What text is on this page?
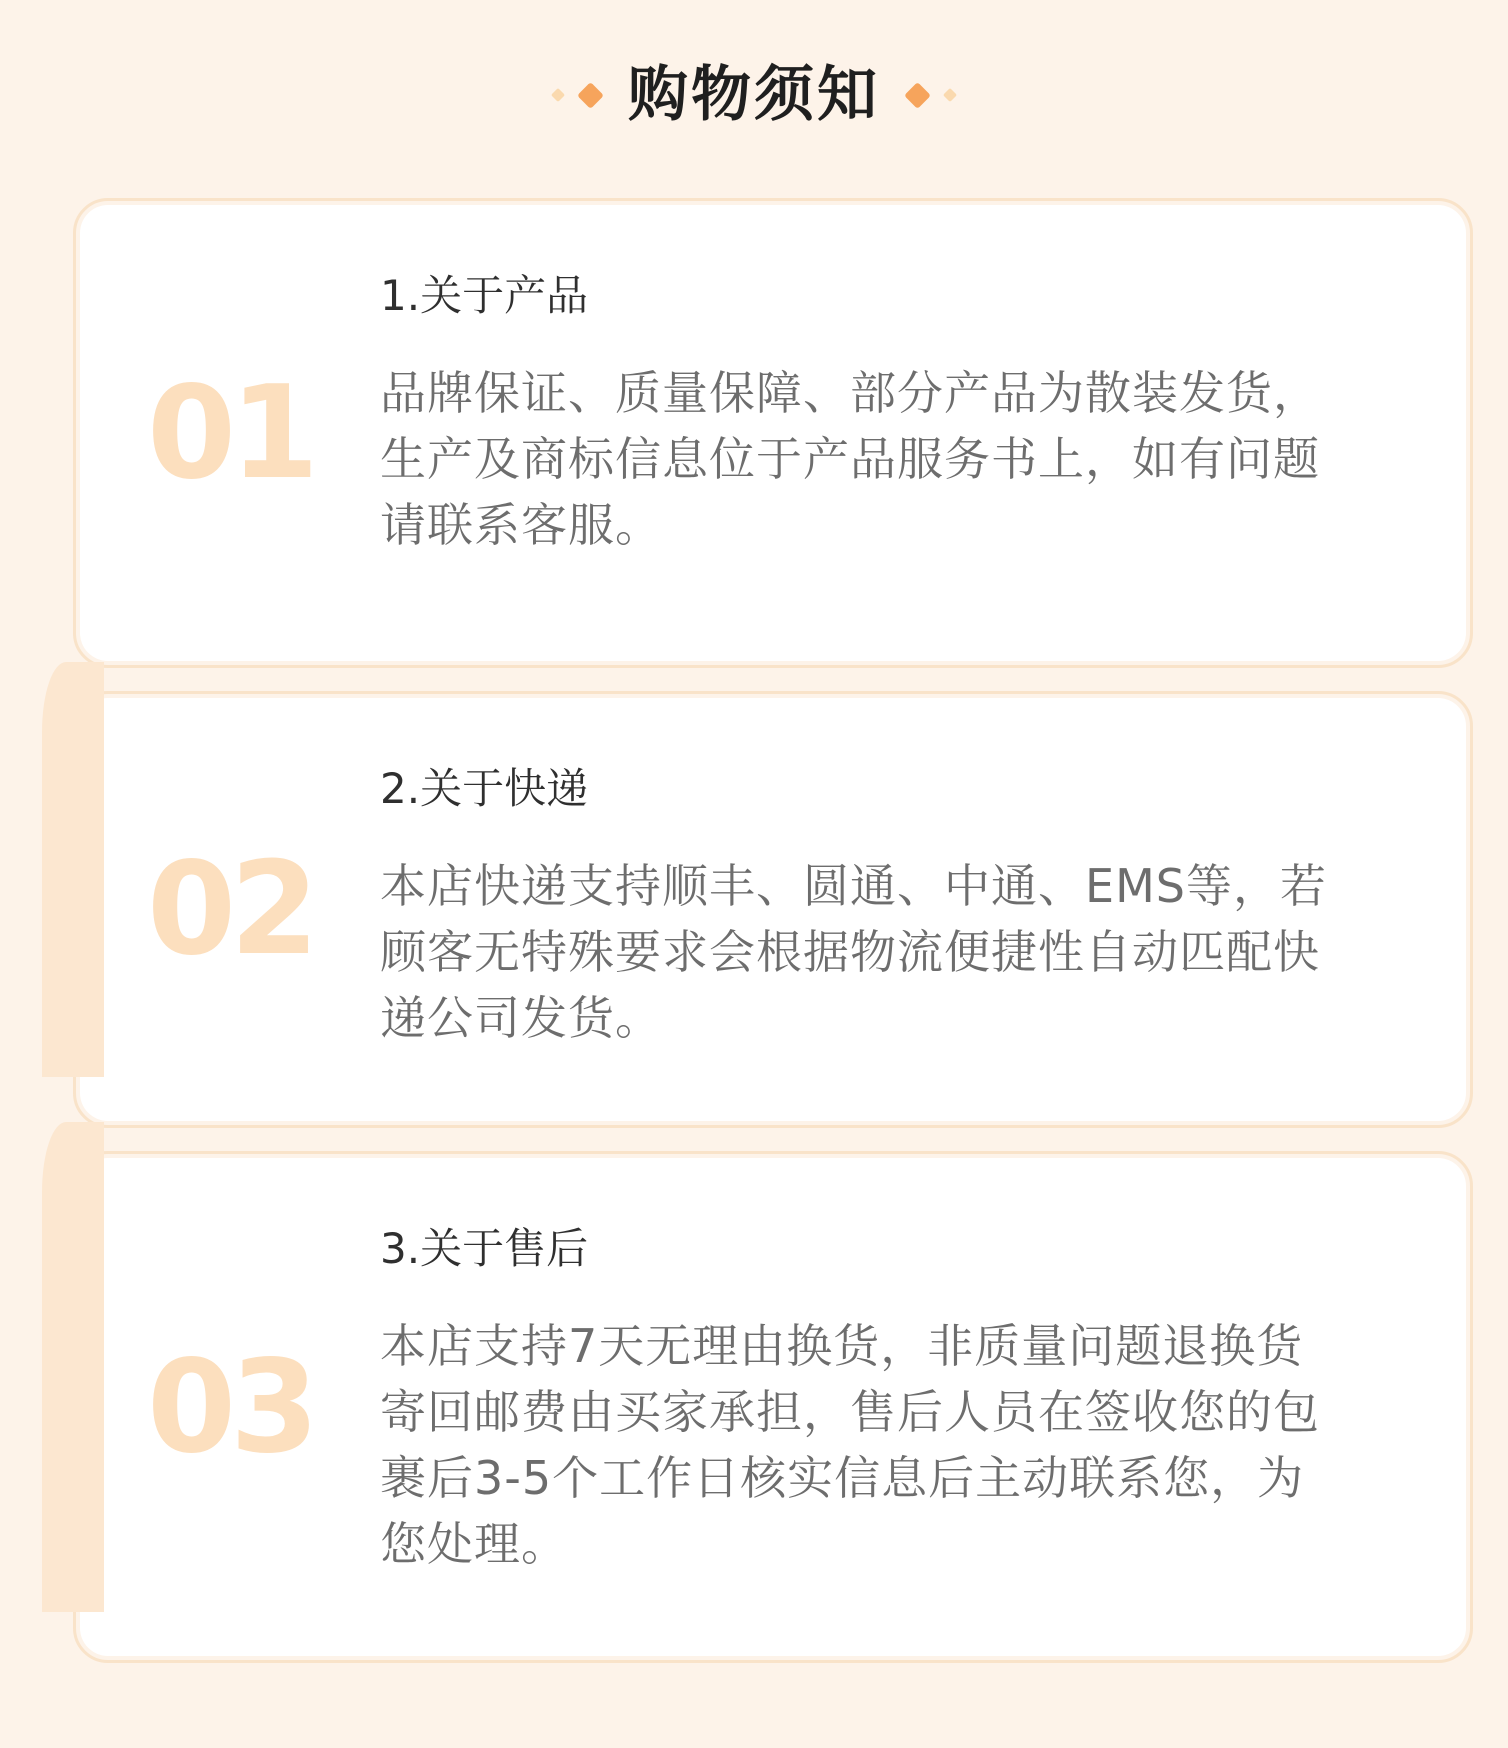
购物须知
01
1.关于产品
品牌保证、质量保障、部分产品为散装发货，
生产及商标信息位于产品服务书上，如有问题
请联系客服。
02
2.关于快递
本店快递支持顺丰、圆通、中通、EMS等，若
顾客无特殊要求会根据物流便捷性自动匹配快
递公司发货。
03
3.关于售后
本店支持7天无理由换货，非质量问题退换货
寄回邮费由买家承担，售后人员在签收您的包
裹后3-5个工作日核实信息后主动联系您，为
您处理。
